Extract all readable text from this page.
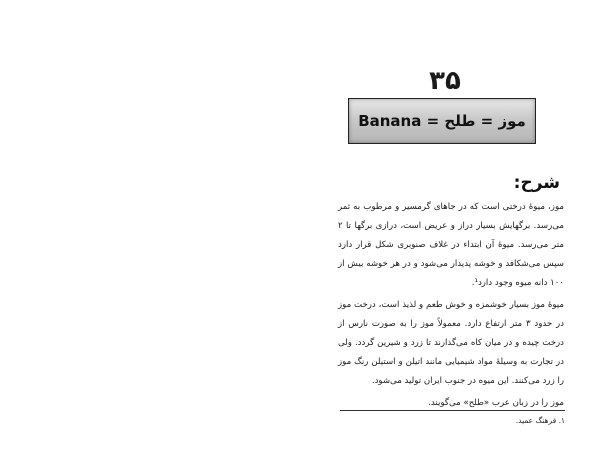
۳۵
موز = طلح = Banana
شرح:

موز، میوهٔ درختی است که در جاهای گرمسیر و مرطوب به ثمر می‌رسد. برگهایش بسیار دراز و عریض است، درازی برگها تا ۲ متر می‌رسد. میوهٔ آن ابتداء در غلاف صنوبری شکل قرار دارد سپس می‌شکافد و خوشه پدیدار می‌شود و در هر خوشه بیش از ۱۰۰ دانه میوه وجود دارد¹.

میوهٔ موز بسیار خوشمزه و خوش طعم و لذیذ است، درخت موز در حدود ۳ متر ارتفاع دارد. معمولاً موز را به صورت نارس از درخت چیده و در میان کاه می‌گذارند تا زرد و شیرین گردد. ولی در تجارت به وسیلهٔ مواد شیمیایی مانند اتیلن و استیلن رنگ موز را زرد می‌کنند. این میوه در جنوب ایران تولید می‌شود.

موز را در زبان عرب «طلح» می‌گویند.

۱. فرهنگ عمید.
